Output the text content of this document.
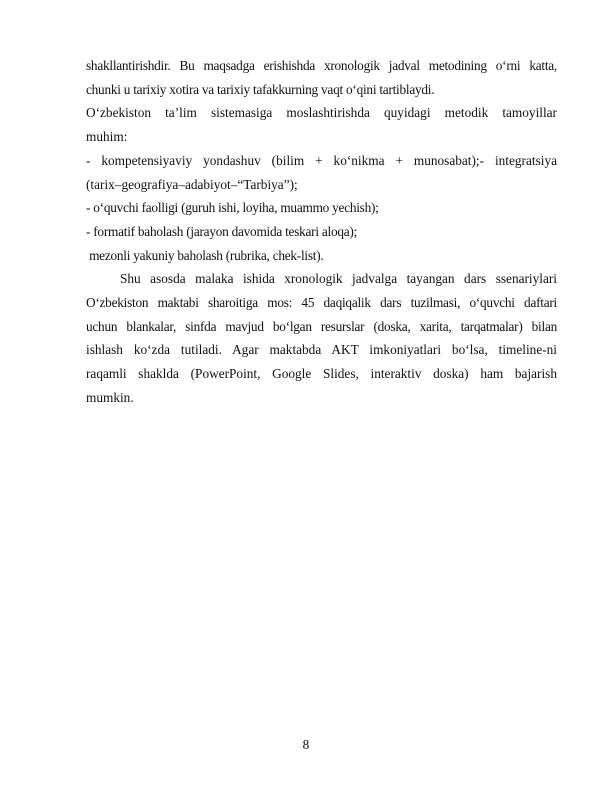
shakllantirishdir. Bu maqsadga erishishda xronologik jadval metodining o‘rni katta,
chunki u tarixiy xotira va tarixiy tafakkurning vaqt o‘qini tartiblaydi.
O‘zbekiston ta’lim sistemasiga moslashtirishda quyidagi metodik tamoyillar
muhim:
- kompetensiyaviy yondashuv (bilim + ko‘nikma + munosabat);- integratsiya
(tarix–geografiya–adabiyot–“Tarbiya”);
- o‘quvchi faolligi (guruh ishi, loyiha, muammo yechish);
- formatif baholash (jarayon davomida teskari aloqa);
mezonli yakuniy baholash (rubrika, chek-list).
Shu asosda malaka ishida xronologik jadvalga tayangan dars ssenariylari
O‘zbekiston maktabi sharoitiga mos: 45 daqiqalik dars tuzilmasi, o‘quvchi daftari
uchun blankalar, sinfda mavjud bo‘lgan resurslar (doska, xarita, tarqatmalar) bilan
ishlash ko‘zda tutiladi. Agar maktabda AKT imkoniyatlari bo‘lsa, timeline-ni
raqamli shaklda (PowerPoint, Google Slides, interaktiv doska) ham bajarish
mumkin.
8
